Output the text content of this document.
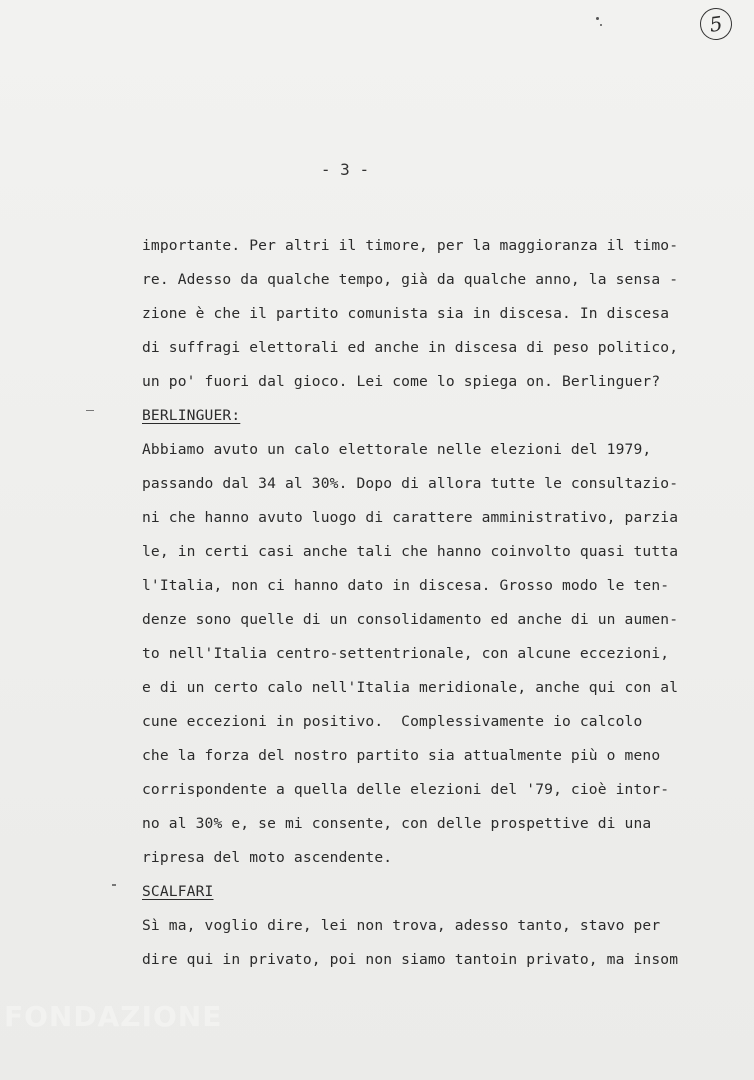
5
- 3 -
importante. Per altri il timore, per la maggioranza il timo-
re. Adesso da qualche tempo, già da qualche anno, la sensa -
zione è che il partito comunista sia in discesa. In discesa
di suffragi elettorali ed anche in discesa di peso politico,
un po' fuori dal gioco. Lei come lo spiega on. Berlinguer?
BERLINGUER:
Abbiamo avuto un calo elettorale nelle elezioni del 1979,
passando dal 34 al 30%. Dopo di allora tutte le consultazio-
ni che hanno avuto luogo di carattere amministrativo, parzia
le, in certi casi anche tali che hanno coinvolto quasi tutta
l'Italia, non ci hanno dato in discesa. Grosso modo le ten-
denze sono quelle di un consolidamento ed anche di un aumen-
to nell'Italia centro-settentrionale, con alcune eccezioni,
e di un certo calo nell'Italia meridionale, anche qui con al
cune eccezioni in positivo.  Complessivamente io calcolo
che la forza del nostro partito sia attualmente più o meno
corrispondente a quella delle elezioni del '79, cioè intor-
no al 30% e, se mi consente, con delle prospettive di una
ripresa del moto ascendente.
SCALFARI
Sì ma, voglio dire, lei non trova, adesso tanto, stavo per
dire qui in privato, poi non siamo tantoin privato, ma insom
FONDAZIONE
